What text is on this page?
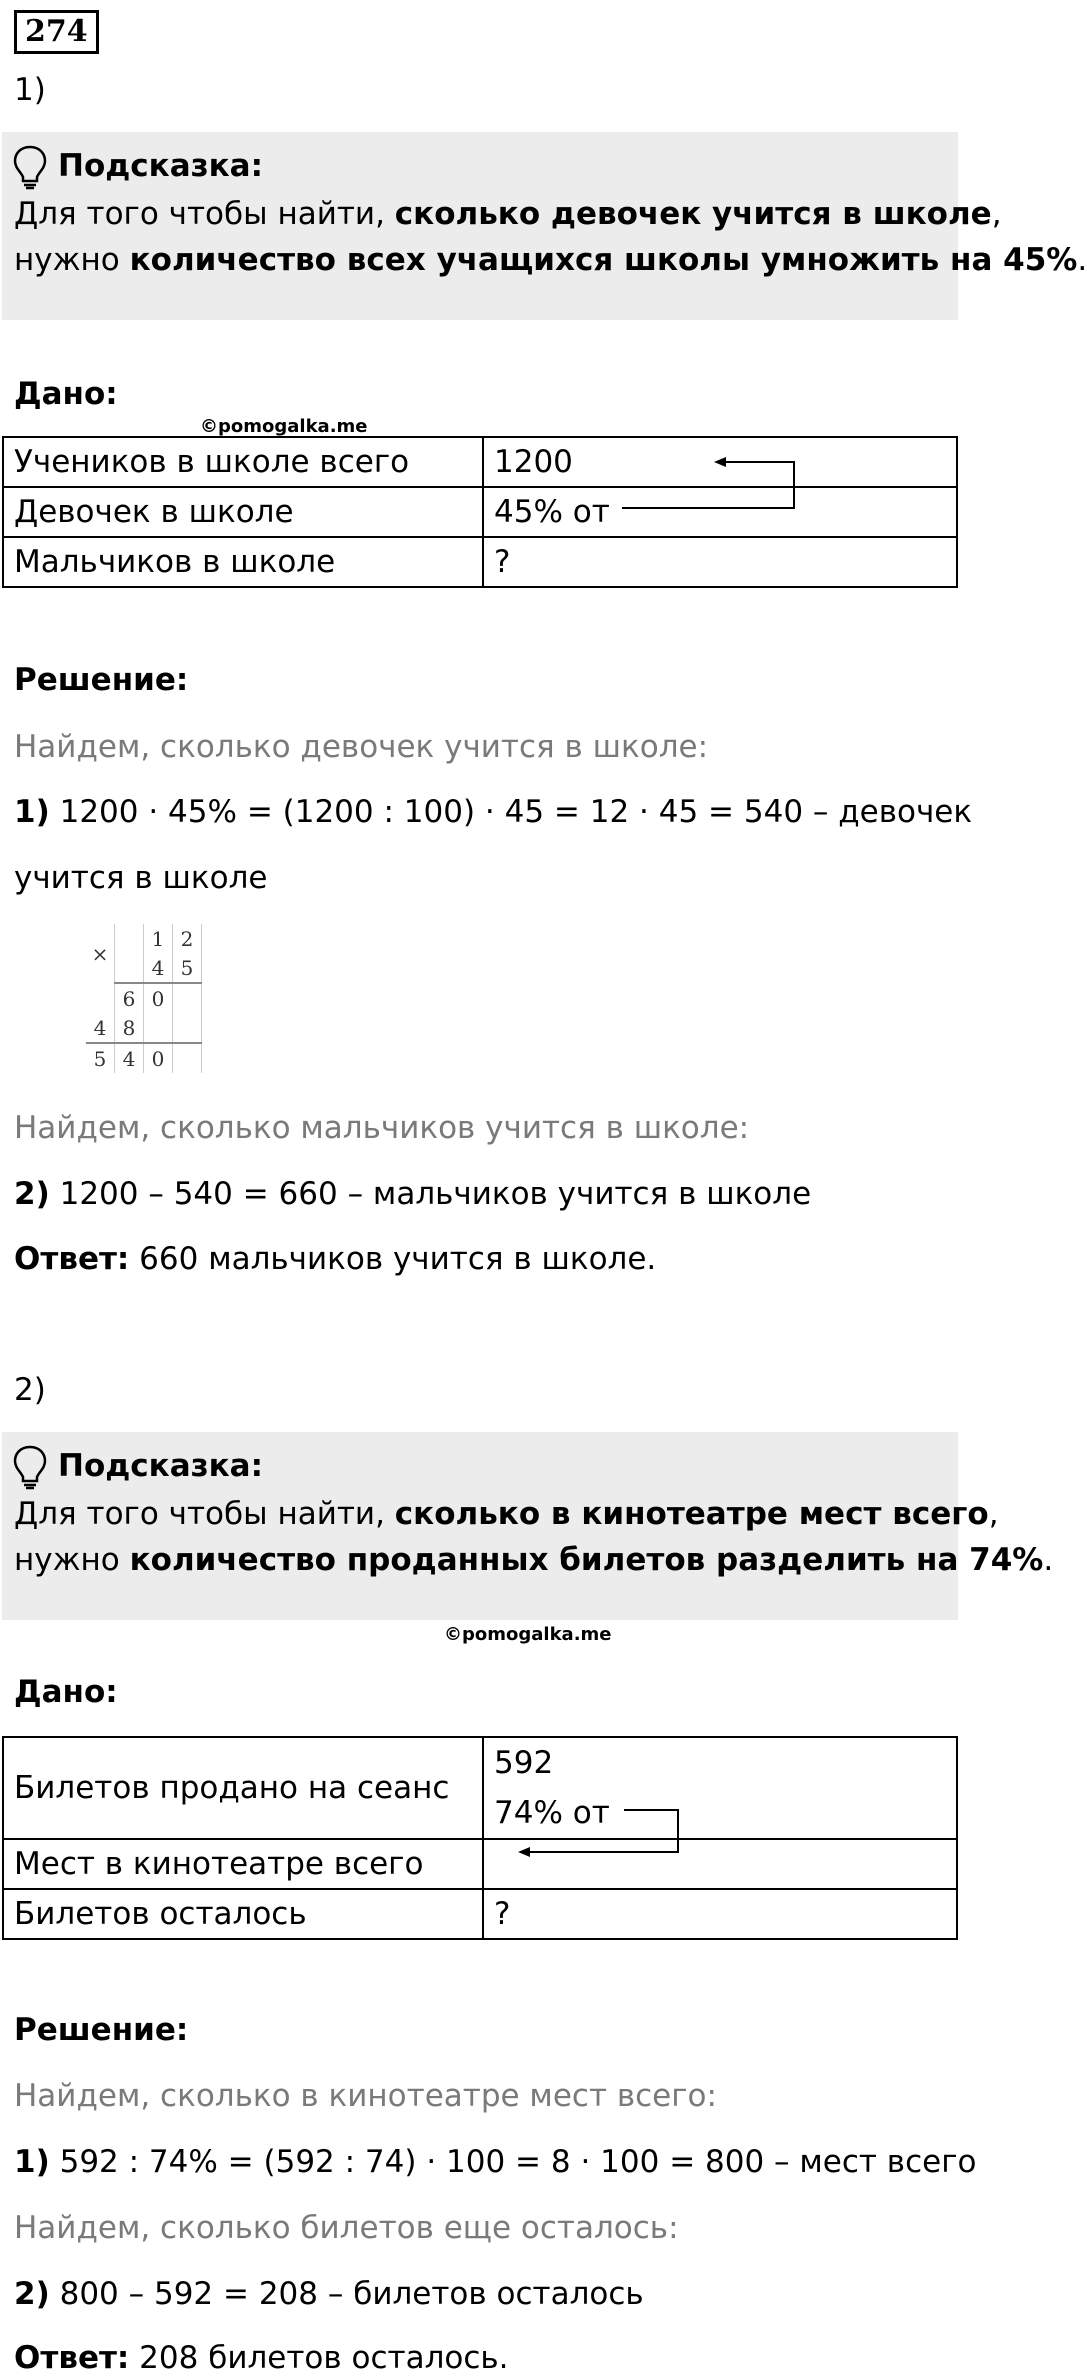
274
1)
Подсказка:
Для того чтобы найти, сколько девочек учится в школе,
нужно количество всех учащихся школы умножить на 45%.
Дано:
©pomogalka.me
Учеников в школе всего	1200
Девочек в школе	45% от
Мальчиков в школе	?
Решение:
Найдем, сколько девочек учится в школе:
1) 1200 · 45% = (1200 : 100) · 45 = 12 · 45 = 540 – девочек
учится в школе
×		1	2
		4	5
	6	0	
4	8		
5	4	0	
Найдем, сколько мальчиков учится в школе:
2) 1200 – 540 = 660 – мальчиков учится в школе
Ответ: 660 мальчиков учится в школе.
2)
Подсказка:
Для того чтобы найти, сколько в кинотеатре мест всего,
нужно количество проданных билетов разделить на 74%.
©pomogalka.me
Дано:
Билетов продано на сеанс	592
74% от

Мест в кинотеатре всего	
Билетов осталось	?
Решение:
Найдем, сколько в кинотеатре мест всего:
1) 592 : 74% = (592 : 74) · 100 = 8 · 100 = 800 – мест всего
Найдем, сколько билетов еще осталось:
2) 800 – 592 = 208 – билетов осталось
Ответ: 208 билетов осталось.
